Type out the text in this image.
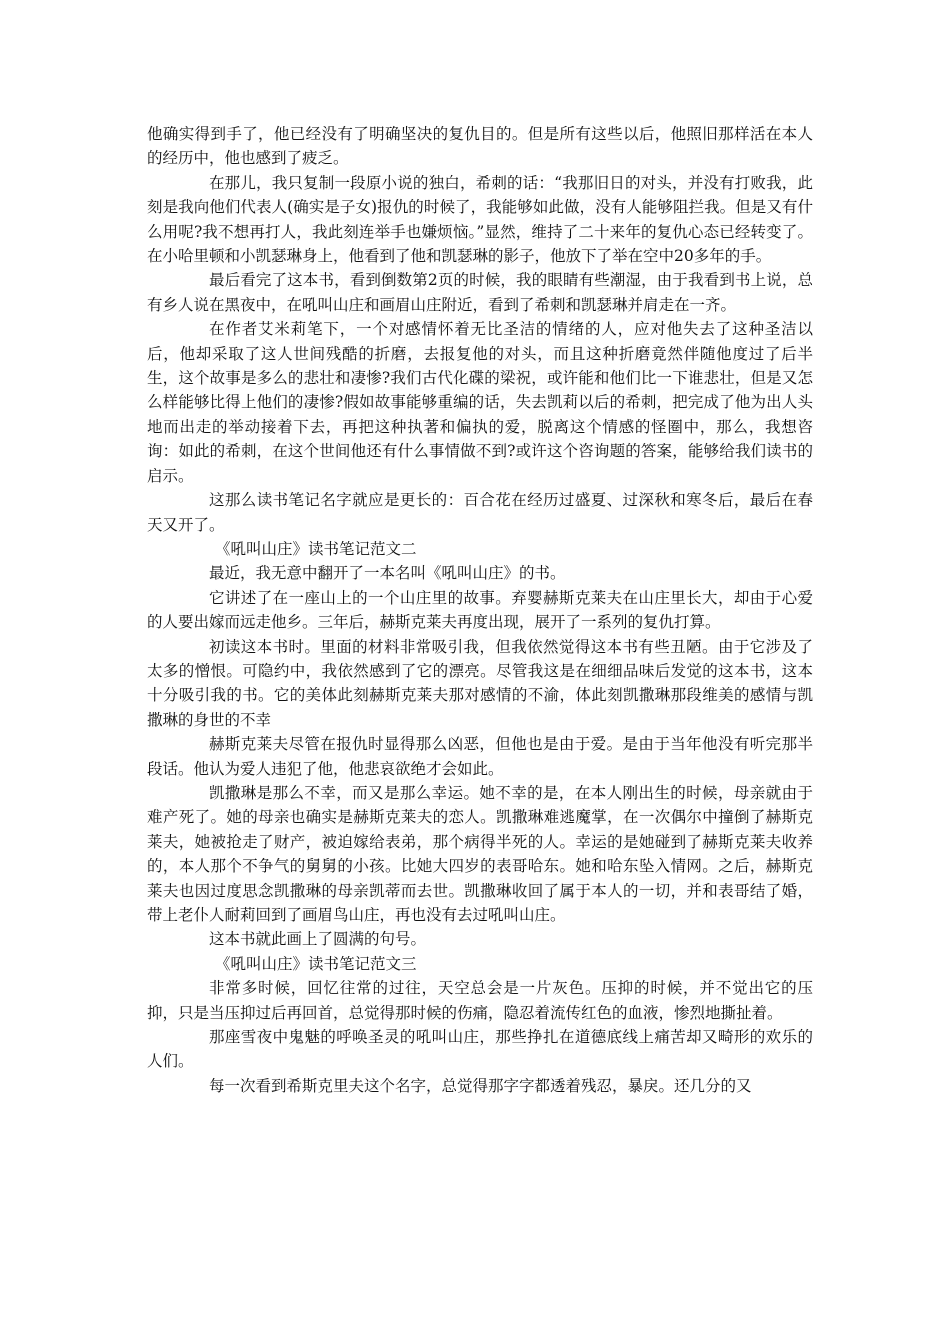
他确实得到手了，他已经没有了明确坚决的复仇目的。但是所有这些以后，他照旧那样活在本人的经历中，他也感到了疲乏。

在那儿，我只复制一段原小说的独白，希刺的话：“我那旧日的对头，并没有打败我，此刻是我向他们代表人(确实是子女)报仇的时候了，我能够如此做，没有人能够阻拦我。但是又有什么用呢?我不想再打人，我此刻连举手也嫌烦恼。”显然，维持了二十来年的复仇心态已经转变了。在小哈里顿和小凯瑟琳身上，他看到了他和凯瑟琳的影子，他放下了举在空中20多年的手。

最后看完了这本书，看到倒数第2页的时候，我的眼睛有些潮湿，由于我看到书上说，总有乡人说在黑夜中，在吼叫山庄和画眉山庄附近，看到了希刺和凯瑟琳并肩走在一齐。

在作者艾米莉笔下，一个对感情怀着无比圣洁的情绪的人，应对他失去了这种圣洁以后，他却采取了这人世间残酷的折磨，去报复他的对头，而且这种折磨竟然伴随他度过了后半生，这个故事是多么的悲壮和凄惨?我们古代化碟的梁祝，或许能和他们比一下谁悲壮，但是又怎么样能够比得上他们的凄惨?假如故事能够重编的话，失去凯莉以后的希刺，把完成了他为出人头地而出走的举动接着下去，再把这种执著和偏执的爱，脱离这个情感的怪圈中，那么，我想咨询：如此的希刺，在这个世间他还有什么事情做不到?或许这个咨询题的答案，能够给我们读书的启示。

这那么读书笔记名字就应是更长的：百合花在经历过盛夏、过深秋和寒冬后，最后在春天又开了。

《吼叫山庄》读书笔记范文二

最近，我无意中翻开了一本名叫《吼叫山庄》的书。

它讲述了在一座山上的一个山庄里的故事。弃婴赫斯克莱夫在山庄里长大，却由于心爱的人要出嫁而远走他乡。三年后，赫斯克莱夫再度出现，展开了一系列的复仇打算。

初读这本书时。里面的材料非常吸引我，但我依然觉得这本书有些丑陋。由于它涉及了太多的憎恨。可隐约中，我依然感到了它的漂亮。尽管我这是在细细品味后发觉的这本书，这本十分吸引我的书。它的美体此刻赫斯克莱夫那对感情的不渝，体此刻凯撒琳那段维美的感情与凯撒琳的身世的不幸

赫斯克莱夫尽管在报仇时显得那么凶恶，但他也是由于爱。是由于当年他没有听完那半段话。他认为爱人违犯了他，他悲哀欲绝才会如此。

凯撒琳是那么不幸，而又是那么幸运。她不幸的是，在本人刚出生的时候，母亲就由于难产死了。她的母亲也确实是赫斯克莱夫的恋人。凯撒琳难逃魔掌，在一次偶尔中撞倒了赫斯克莱夫，她被抢走了财产，被迫嫁给表弟，那个病得半死的人。幸运的是她碰到了赫斯克莱夫收养的，本人那个不争气的舅舅的小孩。比她大四岁的表哥哈东。她和哈东坠入情网。之后，赫斯克莱夫也因过度思念凯撒琳的母亲凯蒂而去世。凯撒琳收回了属于本人的一切，并和表哥结了婚，带上老仆人耐莉回到了画眉鸟山庄，再也没有去过吼叫山庄。

这本书就此画上了圆满的句号。

《吼叫山庄》读书笔记范文三

非常多时候，回忆往常的过往，天空总会是一片灰色。压抑的时候，并不觉出它的压抑，只是当压抑过后再回首，总觉得那时候的伤痛，隐忍着流传红色的血液，惨烈地撕扯着。

那座雪夜中鬼魅的呼唤圣灵的吼叫山庄，那些挣扎在道德底线上痛苦却又畸形的欢乐的人们。

每一次看到希斯克里夫这个名字，总觉得那字字都透着残忍，暴戾。还几分的又
